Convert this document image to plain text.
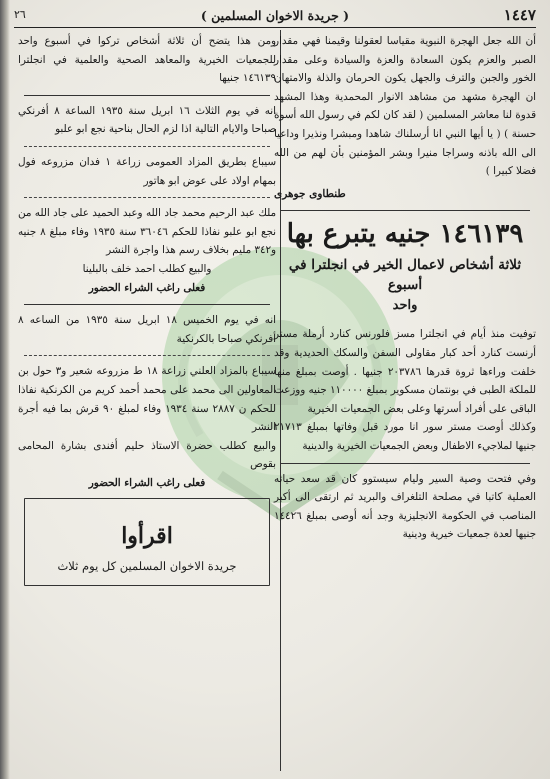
١٤٤٧
( جريدة الاخوان المسلمين )
٢٦

أن الله جعل الهجرة النبوية مقياسا لعقولنا وقيمنا فهي مقدار الصبر والعزم يكون السعادة والعزة والسيادة وعلى مقدار الخور والجبن والترف والجهل يكون الحرمان والذلة والامتهان ان الهجرة مشهد من مشاهد الانوار المحمدية وهذا المشهد قدوة لنا معاشر المسلمين ( لقد كان لكم في رسول الله أسوة حسنة ) ( يا أيها النبي انا أرسلناك شاهدا ومبشرا ونذيرا وداعيا الى الله باذنه وسراجا منيرا وبشر المؤمنين بأن لهم من الله فضلا كبيرا )

طنطاوى جوهرى

١٤٦١٣٩ جنيه يتبرع بها

ثلاثة أشخاص لاعمال الخير في انجلترا في أسبوع

واحد

توفيت منذ أيام في انجلترا مسز فلورنس كنارد أرملة مستر أرنست كنارد أحد كبار مقاولى السفن والسكك الحديدية وقد خلفت وراءها ثروة قدرها ٢٠٣٧٨٦ جنيها . أوصت بمبلغ منها للملكة الطبى في بونتمان مسكوير بمبلغ ١١٠٠٠٠ جنيه ووزعت الباقى على أفراد أسرتها وعلى بعض الجمعيات الخيرية

وكذلك أوصت مستر سور انا مورد قبل وفاتها بمبلغ ٢١٧١٣ جنيها لملاجيء الاطفال وبعض الجمعيات الخيرية والدينية

وفي فتحت وصية السير وليام سيستوو كان قد سعد حياته العملية كاتبا في مصلحة التلغراف والبريد ثم ارتقى الى أكبر المناصب في الحكومة الانجليزية وجد أنه أوصى بمبلغ ١٤٤٢٦ جنيها لعدة جمعيات خيرية ودينية

ومن هذا يتضح أن ثلاثة أشخاص تركوا في أسبوع واحد للجمعيات الخيرية والمعاهد الصحية والعلمية في انجلترا ١٤٦١٣٩ جنيها

انه في يوم الثلاث ١٦ ابريل سنة ١٩٣٥ الساعة ٨ أفرنكي صباحا والايام التالية اذا لزم الحال بناحية نجع ابو علبو

سيباع بطريق المزاد العمومى زراعة ١ فدان مزروعه فول بمهام اولاد على عوض ابو هاتور

ملك عبد الرحيم محمد جاد الله وعبد الحميد على جاد الله من نجع ابو علبو نفاذا للحكم ٣٦٠٤٦ سنة ١٩٣٥ وفاء مبلغ ٨ جنيه و٣٤٢ مليم بخلاف رسم هذا واجرة النشر

والبيع كطلب احمد خلف بالبلينا

فعلى راغب الشراء الحضور

انه في يوم الخميس ١٨ ابريل سنة ١٩٣٥ من الساعه ٨ أفرنكي صباحا بالكرنكية

سيباع بالمزاد العلني زراعة ١٨ ط مزروعه شعير و٣ حول بن المعاولين الى محمد على محمد أحمد كريم من الكرنكية نفاذا للحكم ن ٢٨٨٧ سنة ١٩٣٤ وفاء لمبلغ ٩٠ قرش بما فيه أجرة النشر

والبيع كطلب حضرة الاستاذ حليم أفندى بشارة المحامى بقوص

فعلى راغب الشراء الحضور

اقرأوا

جريدة الاخوان المسلمين كل يوم ثلاث
